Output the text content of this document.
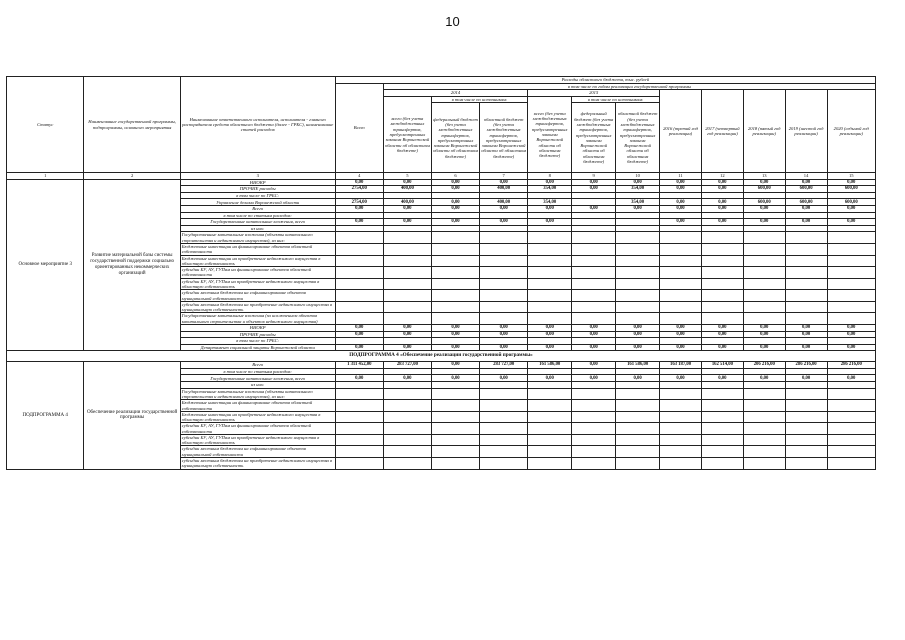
10
Статус	Наименование государственной программы, подпрограммы, основного мероприятия	Наименование ответственного исполнителя, исполнителя - главного распорядителя средств областного бюджета (далее - ГРБС), наименование статей расходов	Расходы областного бюджета, тыс. рублей											
			Всего	в том числе по годам реализации государственной программы										
				2014			2015			2016 (третий год реализации)	2017 (четвертый год реализации)	2018 (пятый год реализации)	2019 (шестой год реализации)	2020 (седьмой год реализации)
				всего (без учета межбюджетных трансфертов, предусмотренных законом Воронежской области об областном бюджете)	в том числе по источникам:		всего (без учета межбюджетных трансфертов, предусмотренных законом Воронежской области об областном бюджете)	в том числе по источникам:						
					федеральный бюджет (без учета межбюджетных трансфертов, предусмотренных законом Воронежской области об областном бюджете)	областной бюджет (без учета межбюджетных трансфертов, предусмотренных законом Воронежской области об областном бюджете)		федеральный бюджет (без учета межбюджетных трансфертов, предусмотренных законом Воронежской области об областном бюджете)	областной бюджет (без учета межбюджетных трансфертов, предусмотренных законом Воронежской области об областном бюджете)					
1	2	3	4	5	6	7	8	9	10	11	12	13	14	15
Основное мероприятие 3	Развитие материальной базы системы государственной поддержки социально ориентированных некоммерческих организаций	НИОКР	0,00	0,00	0,00	0,00	0,00	0,00	0,00	0,00	0,00	0,00	0,00	0,00
		ПРОЧИЕ расходы	2754,00	400,00	0,00	400,00	354,00	0,00	354,00	0,00	0,00	600,00	600,00	600,00
		в том числе по ГРБС:												
		Управление делами Воронежской области	2754,00	400,00	0,00	400,00	354,00		354,00	0,00	0,00	600,00	600,00	600,00
		Всего	0,00	0,00	0,00	0,00	0,00	0,00	0,00	0,00	0,00	0,00	0,00	0,00
		в том числе по статьям расходов:												
		Государственные капитальные вложения, всего	0,00	0,00	0,00	0,00	0,00			0,00	0,00	0,00	0,00	0,00
		из них:												
		Государственные капитальные вложения (объекты капитального строительства и недвижимого имущества), из них:												
		Бюджетные инвестиции на финансирование объектов областной собственности												
		Бюджетные инвестиции на приобретение недвижимого имущества в областную собственность												
		субсидии БУ, АУ, ГУПам на финансирование объектов областной собственности												
		субсидии БУ, АУ, ГУПам на приобретение недвижимого имущества в областную собственность												
		субсидии местным бюджетам на софинансирование объектов муниципальной собственности												
		субсидии местным бюджетам на приобретение недвижимого имущества в муниципальную собственность												
		Государственные капитальные вложения (за исключением объектов капитального строительства и объектов недвижимого имущества)												
		НИОКР	0,00	0,00	0,00	0,00	0,00	0,00	0,00	0,00	0,00	0,00	0,00	0,00
		ПРОЧИЕ расходы	0,00	0,00	0,00	0,00	0,00	0,00	0,00	0,00	0,00	0,00	0,00	0,00
		в том числе по ГРБС:												
		Департамент социальной защиты Воронежской области	0,00	0,00	0,00	0,00	0,00	0,00	0,00	0,00	0,00	0,00	0,00	0,00
ПОДПРОГРАММА 4 «Обеспечение реализации государственной программы»														
ПОДПРОГРАММА 4	Обеспечение реализации государственной программы	Всего	1 311 452,00	283 727,00	0,00	283 727,00	161 586,00	0,00	161 586,00	163 187,00	162 514,00	206 216,00	286 216,00	286 216,00
		в том числе по статьям расходов:												
		Государственные капитальные вложения, всего	0,00	0,00	0,00	0,00	0,00	0,00	0,00	0,00	0,00	0,00	0,00	0,00
		из них:												
		Государственные капитальные вложения (объекты капитального строительства и недвижимого имущества), из них:												
		Бюджетные инвестиции на финансирование объектов областной собственности												
		Бюджетные инвестиции на приобретение недвижимого имущества в областную собственность												
		субсидии БУ, АУ, ГУПам на финансирование объектов областной собственности												
		субсидии БУ, АУ, ГУПам на приобретение недвижимого имущества в областную собственность												
		субсидии местным бюджетам на софинансирование объектов муниципальной собственности												
		субсидии местным бюджетам на приобретение недвижимого имущества в муниципальную собственность												
